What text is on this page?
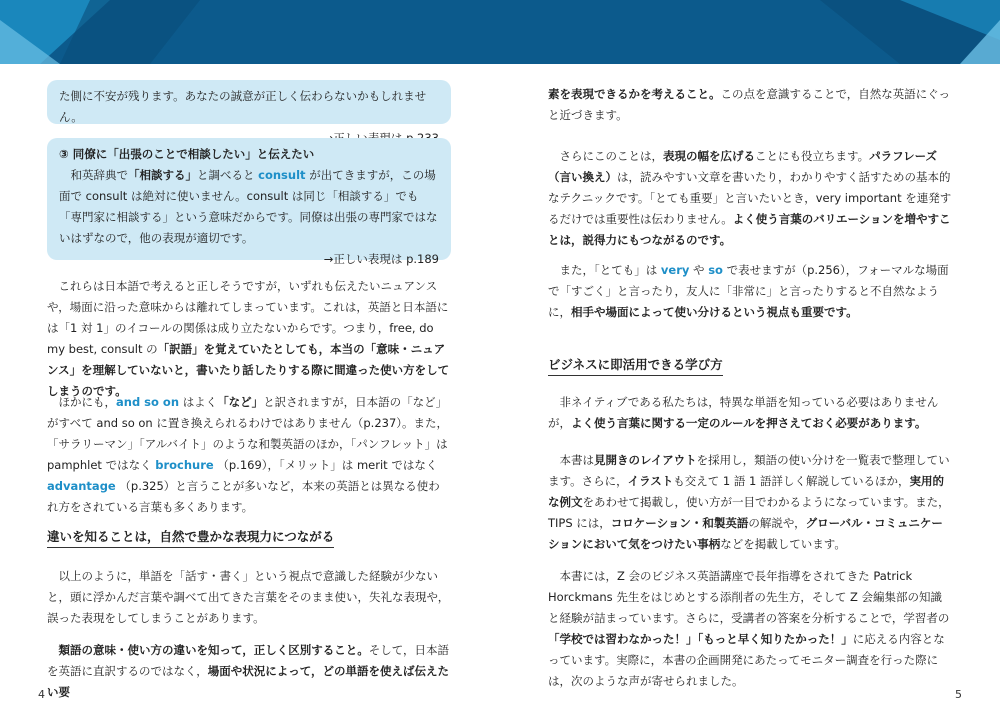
た側に不安が残ります。あなたの誠意が正しく伝わらないかもしれません。

③ 同僚に「出張のことで相談したい」と伝えたい

和英辞典で「相談する」と調べると consult が出てきますが，この場面で consult は絶対に使いません。consult は同じ「相談する」でも「専門家に相談する」という意味だからです。同僚は出張の専門家ではないはずなので，他の表現が適切です。

→正しい表現は p.189

これらは日本語で考えると正しそうですが，いずれも伝えたいニュアンスや，場面に沿った意味からは離れてしまっています。これは，英語と日本語には「1 対 1」のイコールの関係は成り立たないからです。つまり，free, do my best, consult の「訳語」を覚えていたとしても，本当の「意味・ニュアンス」を理解していないと，書いたり話したりする際に間違った使い方をしてしまうのです。

ほかにも，and so on はよく「など」と訳されますが，日本語の「など」がすべて and so on に置き換えられるわけではありません（p.237）。また，「サラリーマン」「アルバイト」のような和製英語のほか，「パンフレット」は pamphlet ではなく brochure （p.169），「メリット」は merit ではなく advantage （p.325）と言うことが多いなど，本来の英語とは異なる使われ方をされている言葉も多くあります。

違いを知ることは，自然で豊かな表現力につながる

以上のように，単語を「話す・書く」という視点で意識した経験が少ないと，頭に浮かんだ言葉や調べて出てきた言葉をそのまま使い，失礼な表現や，誤った表現をしてしまうことがあります。

類語の意味・使い方の違いを知って，正しく区別すること。そして，日本語を英語に直訳するのではなく，場面や状況によって，どの単語を使えば伝えたい要

4

素を表現できるかを考えること。この点を意識することで，自然な英語にぐっと近づきます。

さらにこのことは，表現の幅を広げることにも役立ちます。パラフレーズ（言い換え）は，読みやすい文章を書いたり，わかりやすく話すための基本的なテクニックです。「とても重要」と言いたいとき，very important を連発するだけでは重要性は伝わりません。よく使う言葉のバリエーションを増やすことは，説得力にもつながるのです。

また，「とても」は very や so で表せますが（p.256），フォーマルな場面で「すごく」と言ったり，友人に「非常に」と言ったりすると不自然なように，相手や場面によって使い分けるという視点も重要です。

ビジネスに即活用できる学び方

非ネイティブである私たちは，特異な単語を知っている必要はありませんが，よく使う言葉に関する一定のルールを押さえておく必要があります。

本書は見開きのレイアウトを採用し，類語の使い分けを一覧表で整理しています。さらに，イラストも交えて 1 語 1 語詳しく解説しているほか，実用的な例文をあわせて掲載し，使い方が一目でわかるようになっています。また，TIPS には，コロケーション・和製英語の解説や，グローバル・コミュニケーションにおいて気をつけたい事柄などを掲載しています。

本書には，Z 会のビジネス英語講座で長年指導をされてきた Patrick Horckmans 先生をはじめとする添削者の先生方，そして Z 会編集部の知識と経験が詰まっています。さらに，受講者の答案を分析することで，学習者の「学校では習わなかった！」「もっと早く知りたかった！」に応える内容となっています。実際に，本書の企画開発にあたってモニター調査を行った際には，次のような声が寄せられました。

5
